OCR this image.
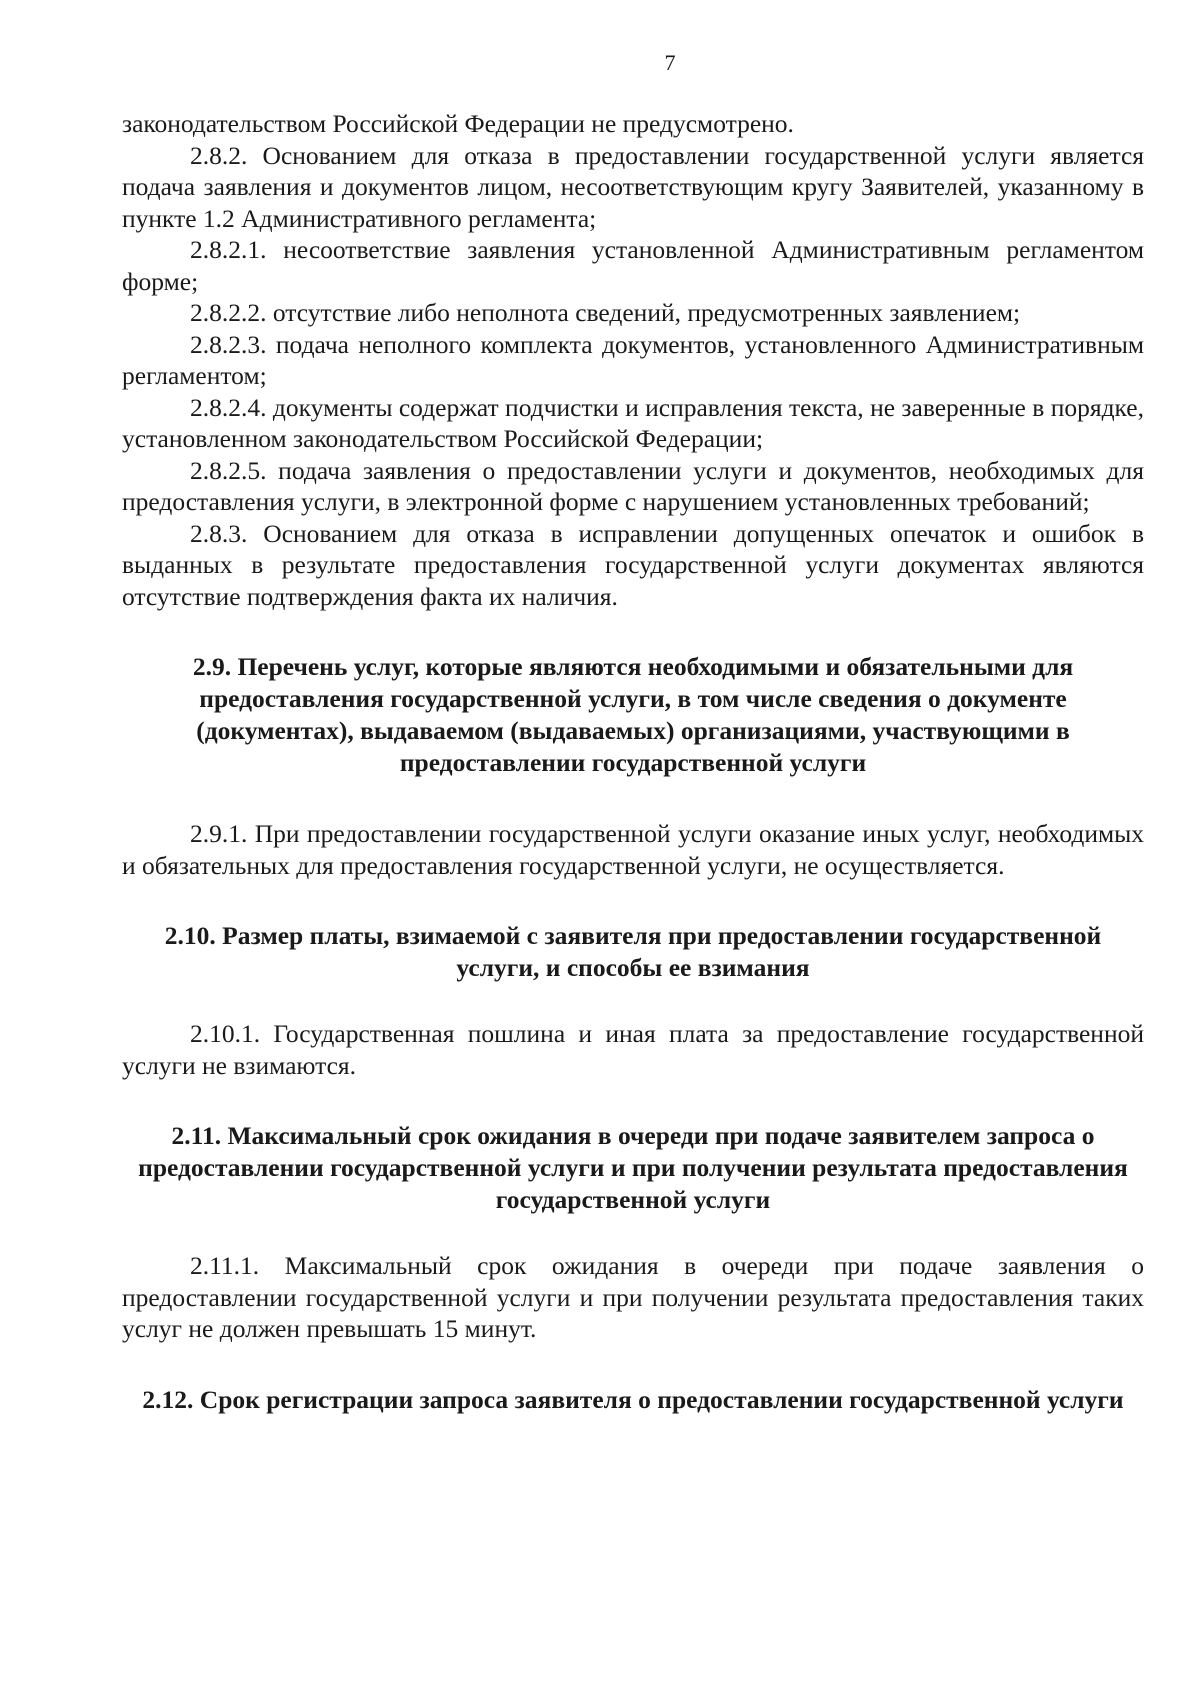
7

законодательством Российской Федерации не предусмотрено.

2.8.2. Основанием для отказа в предоставлении государственной услуги является подача заявления и документов лицом, несоответствующим кругу Заявителей, указанному в пункте 1.2 Административного регламента;

2.8.2.1. несоответствие заявления установленной Административным регламентом форме;

2.8.2.2. отсутствие либо неполнота сведений, предусмотренных заявлением;

2.8.2.3. подача неполного комплекта документов, установленного Административным регламентом;

2.8.2.4. документы содержат подчистки и исправления текста, не заверенные в порядке, установленном законодательством Российской Федерации;

2.8.2.5. подача заявления о предоставлении услуги и документов, необходимых для предоставления услуги, в электронной форме с нарушением установленных требований;

2.8.3. Основанием для отказа в исправлении допущенных опечаток и ошибок в выданных в результате предоставления государственной услуги документах являются отсутствие подтверждения факта их наличия.

2.9. Перечень услуг, которые являются необходимыми и обязательными для предоставления государственной услуги, в том числе сведения о документе (документах), выдаваемом (выдаваемых) организациями, участвующими в предоставлении государственной услуги

2.9.1. При предоставлении государственной услуги оказание иных услуг, необходимых и обязательных для предоставления государственной услуги, не осуществляется.

2.10. Размер платы, взимаемой с заявителя при предоставлении государственной услуги, и способы ее взимания

2.10.1. Государственная пошлина и иная плата за предоставление государственной услуги не взимаются.

2.11. Максимальный срок ожидания в очереди при подаче заявителем запроса о предоставлении государственной услуги и при получении результата предоставления государственной услуги

2.11.1. Максимальный срок ожидания в очереди при подаче заявления о предоставлении государственной услуги и при получении результата предоставления таких услуг не должен превышать 15 минут.

2.12. Срок регистрации запроса заявителя о предоставлении государственной услуги
